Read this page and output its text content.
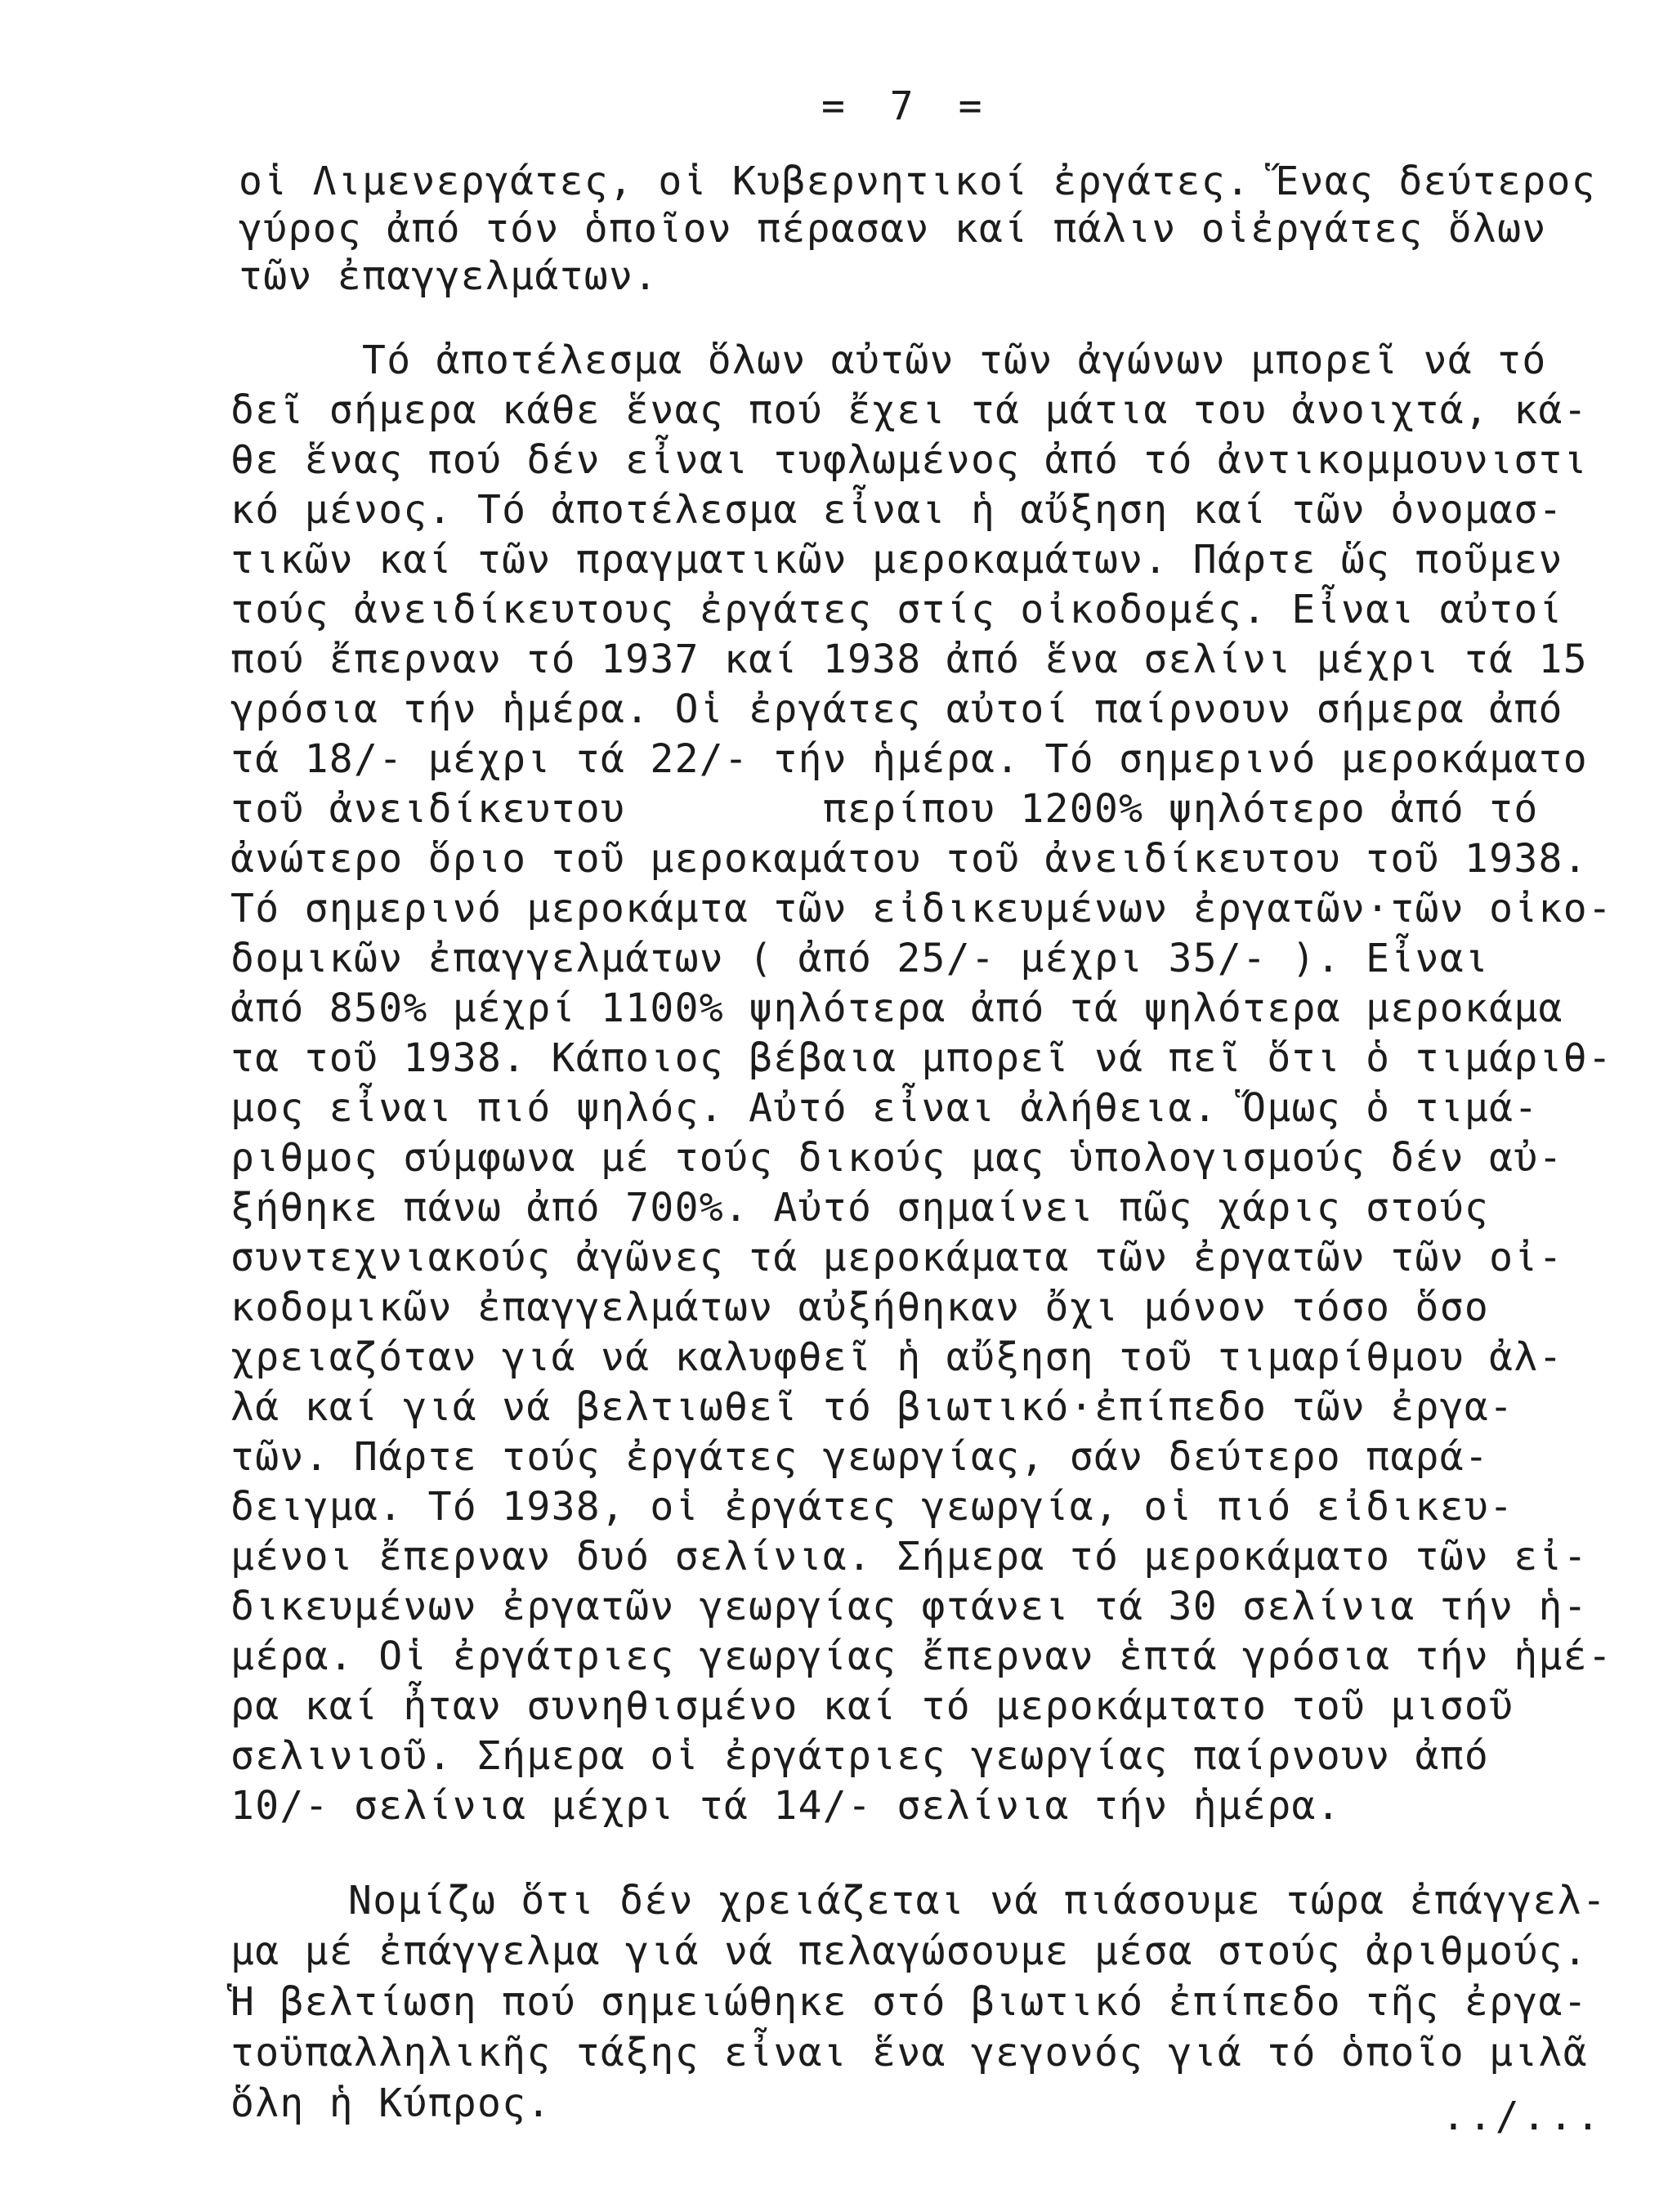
= 7 =
οἱ Λιμενεργάτες, οἱ Κυβερνητικοί ἐργάτες. Ἕνας δεύτερος
γύρος ἀπό τόν ὁποῖον πέρασαν καί πάλιν οἱἐργάτες ὅλων
τῶν ἐπαγγελμάτων.
Τό ἀποτέλεσμα ὅλων αὐτῶν τῶν ἀγώνων μπορεῖ νά τό
δεῖ σήμερα κάθε ἕνας πού ἔχει τά μάτια του ἀνοιχτά, κά-
θε ἕνας πού δέν εἶναι τυφλωμένος ἀπό τό ἀντικομμουνιστι
κό μένος. Τό ἀποτέλεσμα εἶναι ἡ αὔξηση καί τῶν ὀνομασ-
τικῶν καί τῶν πραγματικῶν μεροκαμάτων. Πάρτε ὥς ποῦμεν
τούς ἀνειδίκευτους ἐργάτες στίς οἰκοδομές. Εἶναι αὐτοί
πού ἔπερναν τό 1937 καί 1938 ἀπό ἕνα σελίνι μέχρι τά 15
γρόσια τήν ἡμέρα. Οἱ ἐργάτες αὐτοί παίρνουν σήμερα ἀπό
τά 18/- μέχρι τά 22/- τήν ἡμέρα. Τό σημερινό μεροκάματο
τοῦ ἀνειδίκευτου        περίπου 1200% ψηλότερο ἀπό τό
ἀνώτερο ὅριο τοῦ μεροκαμάτου τοῦ ἀνειδίκευτου τοῦ 1938.
Τό σημερινό μεροκάμτα τῶν εἰδικευμένων ἐργατῶν·τῶν οἰκο-
δομικῶν ἐπαγγελμάτων ( ἀπό 25/- μέχρι 35/- ). Εἶναι
ἀπό 850% μέχρί 1100% ψηλότερα ἀπό τά ψηλότερα μεροκάμα
τα τοῦ 1938. Κάποιος βέβαια μπορεῖ νά πεῖ ὅτι ὁ τιμάριθ-
μος εἶναι πιό ψηλός. Αὐτό εἶναι ἀλήθεια. Ὅμως ὁ τιμά-
ριθμος σύμφωνα μέ τούς δικούς μας ὑπολογισμούς δέν αὐ-
ξήθηκε πάνω ἀπό 700%. Αὐτό σημαίνει πῶς χάρις στούς
συντεχνιακούς ἀγῶνες τά μεροκάματα τῶν ἐργατῶν τῶν οἰ-
κοδομικῶν ἐπαγγελμάτων αὐξήθηκαν ὄχι μόνον τόσο ὅσο
χρειαζόταν γιά νά καλυφθεῖ ἡ αὔξηση τοῦ τιμαρίθμου ἀλ-
λά καί γιά νά βελτιωθεῖ τό βιωτικό·ἐπίπεδο τῶν ἐργα-
τῶν. Πάρτε τούς ἐργάτες γεωργίας, σάν δεύτερο παρά-
δειγμα. Τό 1938, οἱ ἐργάτες γεωργία, οἱ πιό εἰδικευ-
μένοι ἔπερναν δυό σελίνια. Σήμερα τό μεροκάματο τῶν εἰ-
δικευμένων ἐργατῶν γεωργίας φτάνει τά 30 σελίνια τήν ἡ-
μέρα. Οἱ ἐργάτριες γεωργίας ἔπερναν ἑπτά γρόσια τήν ἡμέ-
ρα καί ἦταν συνηθισμένο καί τό μεροκάμτατο τοῦ μισοῦ
σελινιοῦ. Σήμερα οἱ ἐργάτριες γεωργίας παίρνουν ἀπό
10/- σελίνια μέχρι τά 14/- σελίνια τήν ἡμέρα.
Νομίζω ὅτι δέν χρειάζεται νά πιάσουμε τώρα ἐπάγγελ-
μα μέ ἐπάγγελμα γιά νά πελαγώσουμε μέσα στούς ἀριθμούς.
Ἡ βελτίωση πού σημειώθηκε στό βιωτικό ἐπίπεδο τῆς ἐργα-
τοϋπαλληλικῆς τάξης εἶναι ἕνα γεγονός γιά τό ὁποῖο μιλᾶ
ὅλη ἡ Κύπρος.	../...
